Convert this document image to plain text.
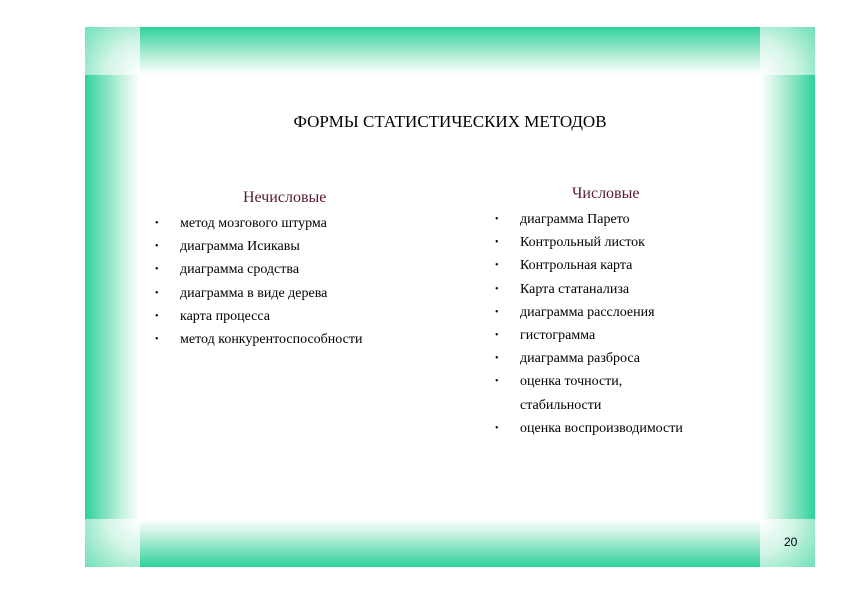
ФОРМЫ СТАТИСТИЧЕСКИХ МЕТОДОВ
Нечисловые	Числовые
• метод мозгового штурма
• диаграмма Исикавы
• диаграмма сродства
• диаграмма в виде дерева
• карта процесса
• метод конкурентоспособности
• диаграмма Парето
• Контрольный листок
• Контрольная карта
• Карта статанализа
• диаграмма расслоения
• гистограмма
• диаграмма разброса
• оценка точности, стабильности
• оценка воспроизводимости
20
